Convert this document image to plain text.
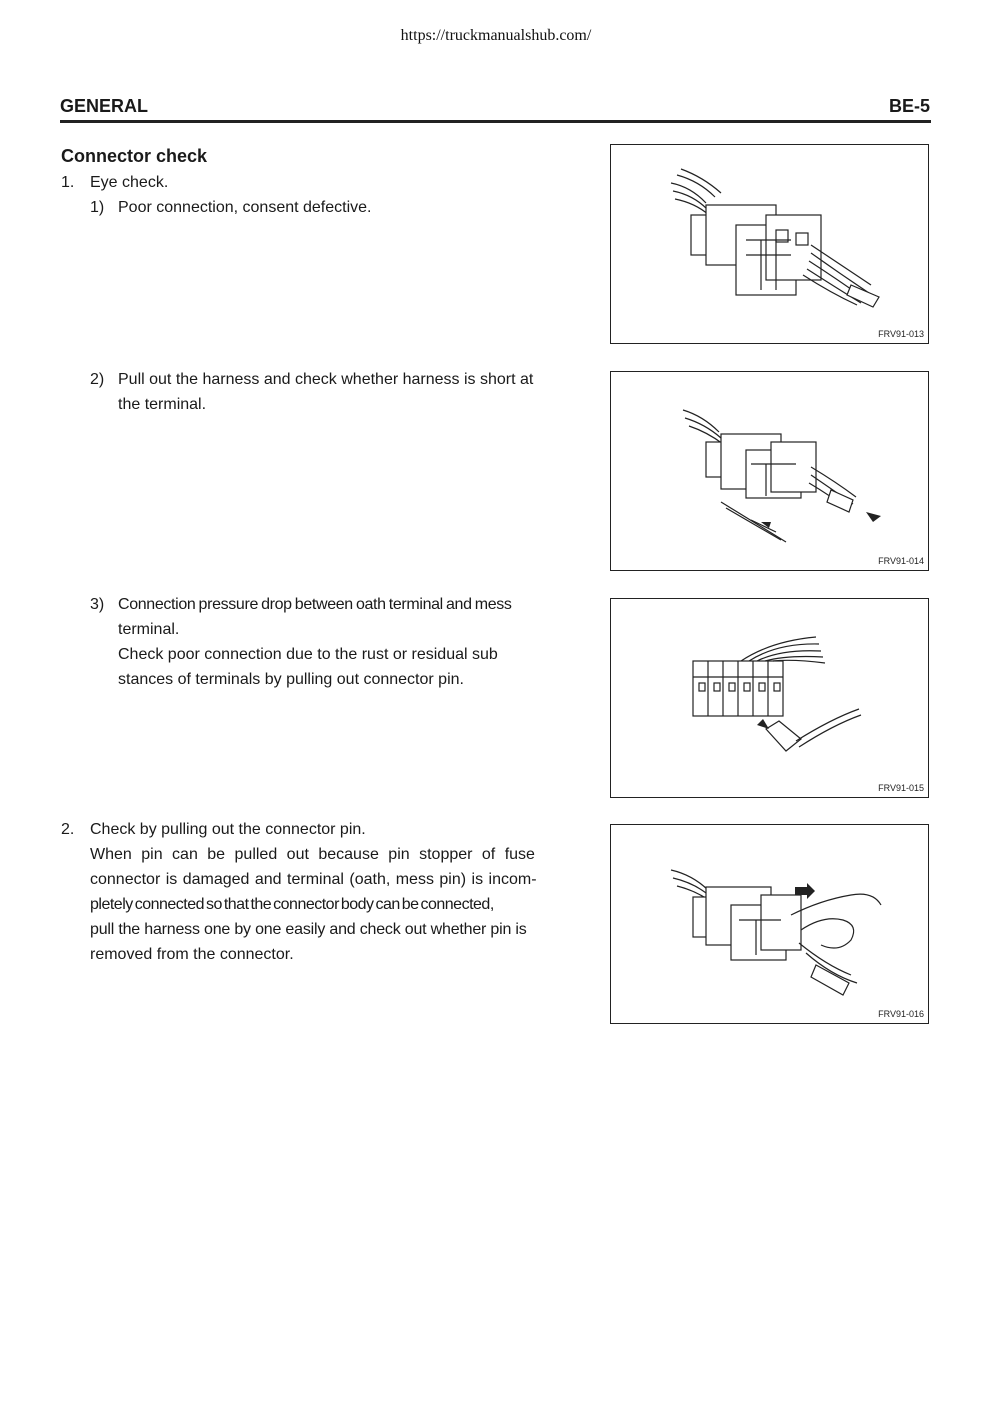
https://truckmanualshub.com/
GENERAL	BE-5
Connector check
1. Eye check.
1) Poor connection, consent defective.
2) Pull out the harness and check whether harness is short at
the terminal.
3) Connection pressure drop between oath terminal and mess
terminal.
Check poor connection due to the rust or residual sub
stances of terminals by pulling out connector pin.
2. Check by pulling out the connector pin.
When pin can be pulled out because pin stopper of fuse
connector is damaged and terminal (oath, mess pin) is incom-
pletely connected so that the connector body can be connected,
pull the harness one by one easily and check out whether pin is
removed from the connector.
FRV91-013
FRV91-014
FRV91-015
FRV91-016
